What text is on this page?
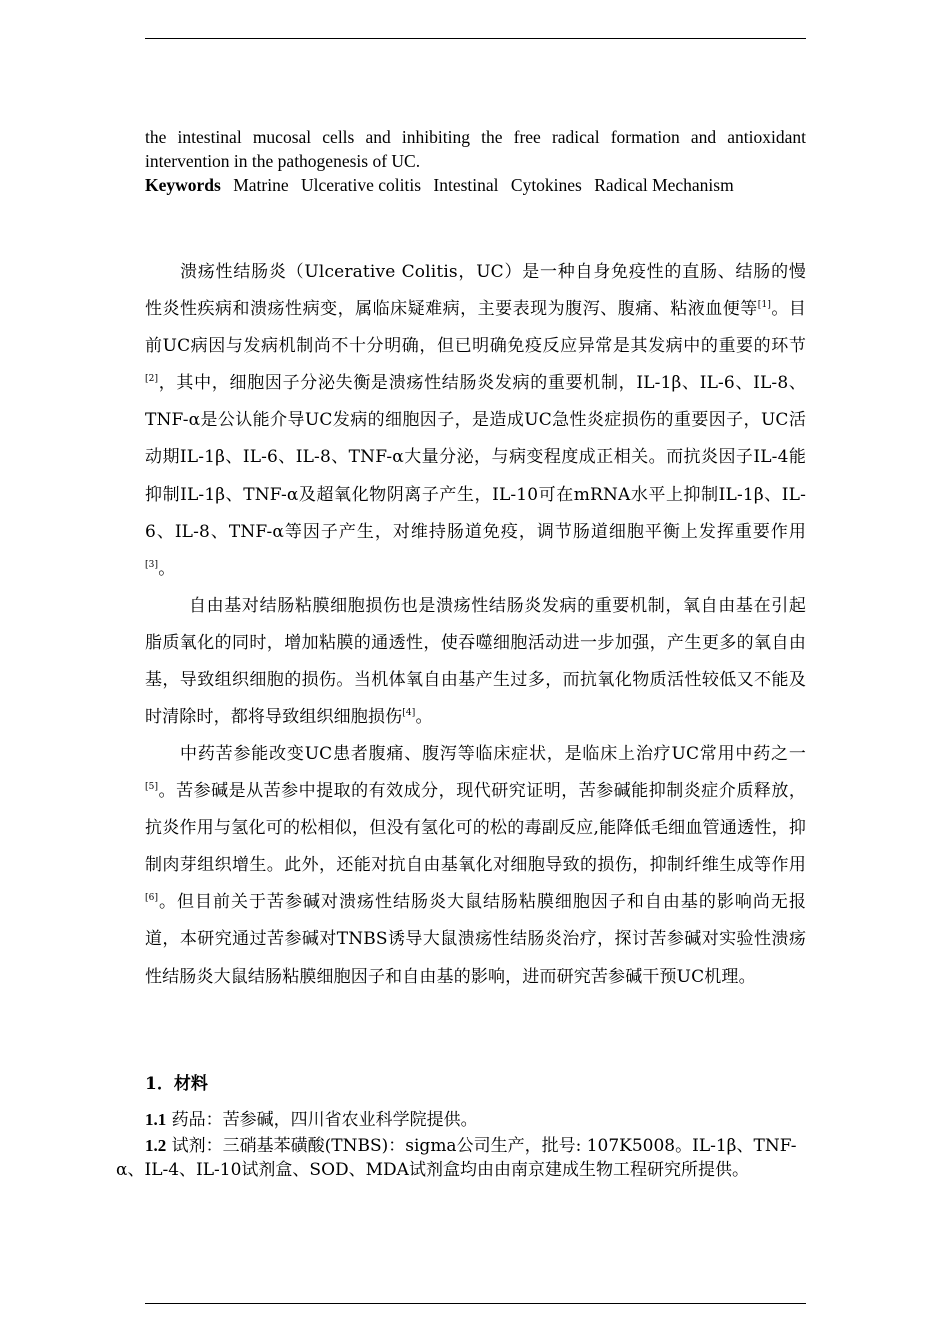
the intestinal mucosal cells and inhibiting the free radical formation and antioxidant intervention in the pathogenesis of UC.

Keywords Matrine Ulcerative colitis Intestinal Cytokines Radical Mechanism

溃疡性结肠炎（Ulcerative Colitis，UC）是一种自身免疫性的直肠、结肠的慢性炎性疾病和溃疡性病变，属临床疑难病，主要表现为腹泻、腹痛、粘液血便等[1]。目前UC病因与发病机制尚不十分明确，但已明确免疫反应异常是其发病中的重要的环节[2]，其中，细胞因子分泌失衡是溃疡性结肠炎发病的重要机制，IL-1β、IL-6、IL-8、TNF-α是公认能介导UC发病的细胞因子，是造成UC急性炎症损伤的重要因子，UC活动期IL-1β、IL-6、IL-8、TNF-α大量分泌，与病变程度成正相关。而抗炎因子IL-4能抑制IL-1β、TNF-α及超氧化物阴离子产生，IL-10可在mRNA水平上抑制IL-1β、IL-6、IL-8、TNF-α等因子产生，对维持肠道免疫，调节肠道细胞平衡上发挥重要作用[3]。

自由基对结肠粘膜细胞损伤也是溃疡性结肠炎发病的重要机制，氧自由基在引起脂质氧化的同时，增加粘膜的通透性，使吞噬细胞活动进一步加强，产生更多的氧自由基，导致组织细胞的损伤。当机体氧自由基产生过多，而抗氧化物质活性较低又不能及时清除时，都将导致组织细胞损伤[4]。

中药苦参能改变UC患者腹痛、腹泻等临床症状，是临床上治疗UC常用中药之一[5]。苦参碱是从苦参中提取的有效成分，现代研究证明，苦参碱能抑制炎症介质释放，抗炎作用与氢化可的松相似，但没有氢化可的松的毒副反应,能降低毛细血管通透性，抑制肉芽组织增生。此外，还能对抗自由基氧化对细胞导致的损伤，抑制纤维生成等作用[6]。但目前关于苦参碱对溃疡性结肠炎大鼠结肠粘膜细胞因子和自由基的影响尚无报道，本研究通过苦参碱对TNBS诱导大鼠溃疡性结肠炎治疗，探讨苦参碱对实验性溃疡性结肠炎大鼠结肠粘膜细胞因子和自由基的影响，进而研究苦参碱干预UC机理。

1．材料

1.1 药品：苦参碱，四川省农业科学院提供。

1.2 试剂：三硝基苯磺酸(TNBS)：sigma公司生产，批号: 107K5008。IL-1β、TNF-α、IL-4、IL-10试剂盒、SOD、MDA试剂盒均由由南京建成生物工程研究所提供。
